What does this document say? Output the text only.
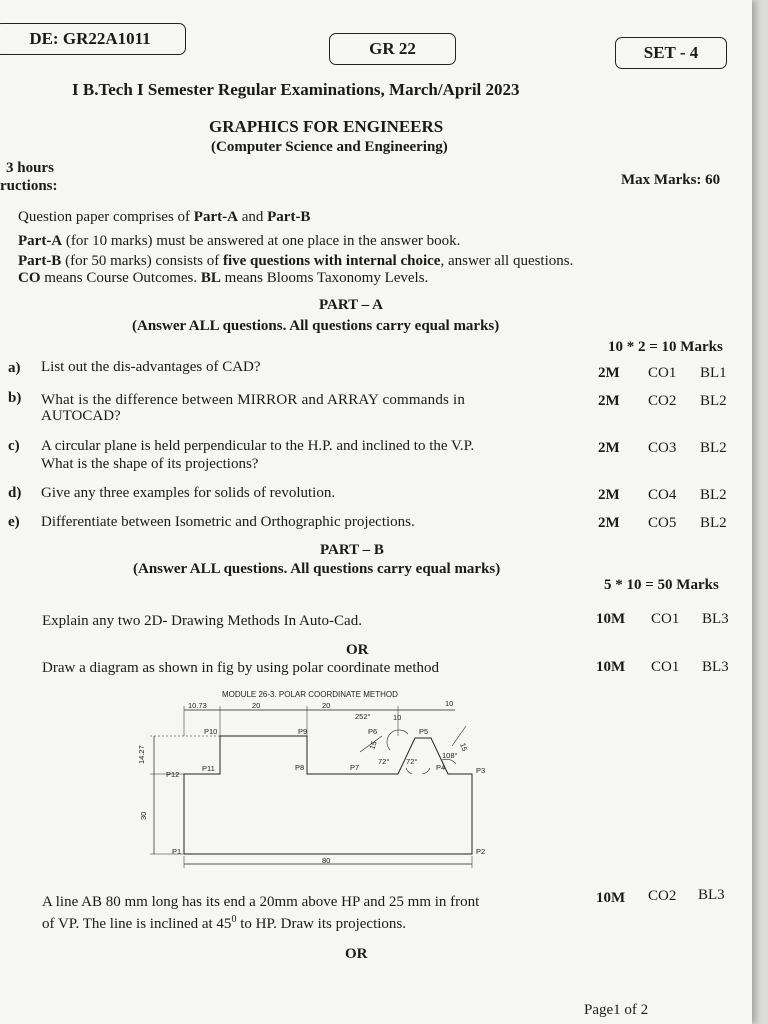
DE: GR22A1011
GR 22	SET - 4
I B.Tech I Semester Regular Examinations, March/April 2023
GRAPHICS FOR ENGINEERS
(Computer Science and Engineering)
3 hours
ructions:	Max Marks: 60
Question paper comprises of Part-A and Part-B
Part-A (for 10 marks) must be answered at one place in the answer book.
Part-B (for 50 marks) consists of five questions with internal choice, answer all questions.
CO means Course Outcomes. BL means Blooms Taxonomy Levels.
PART – A
(Answer ALL questions. All questions carry equal marks)
10 * 2 = 10 Marks
a) List out the dis-advantages of CAD?	2M CO1 BL1
b) What is the difference between MIRROR and ARRAY commands in
AUTOCAD?
2M CO2 BL2
c) A circular plane is held perpendicular to the H.P. and inclined to the V.P.
What is the shape of its projections?
2M CO3 BL2
d) Give any three examples for solids of revolution.	2M CO4 BL2
e) Differentiate between Isometric and Orthographic projections.	2M CO5 BL2
PART – B
(Answer ALL questions. All questions carry equal marks)
5 * 10 = 50 Marks
Explain any two 2D- Drawing Methods In Auto-Cad.	10M CO1 BL3
OR
Draw a diagram as shown in fig by using polar coordinate method	10M CO1 BL3
MODULE 26-3. POLAR COORDINATE METHOD
10.73	20	20	10
10
80
14.27
30
15	15
252°
72° 72°
108°
P1	P2
P3
P4
P5
P6
P7
P8
P9
P10
P11
P12
A line AB 80 mm long has its end a 20mm above HP and 25 mm in front
of VP. The line is inclined at $45^0$ to HP. Draw its projections.
10M CO2 BL3
OR
Page1 of 2
